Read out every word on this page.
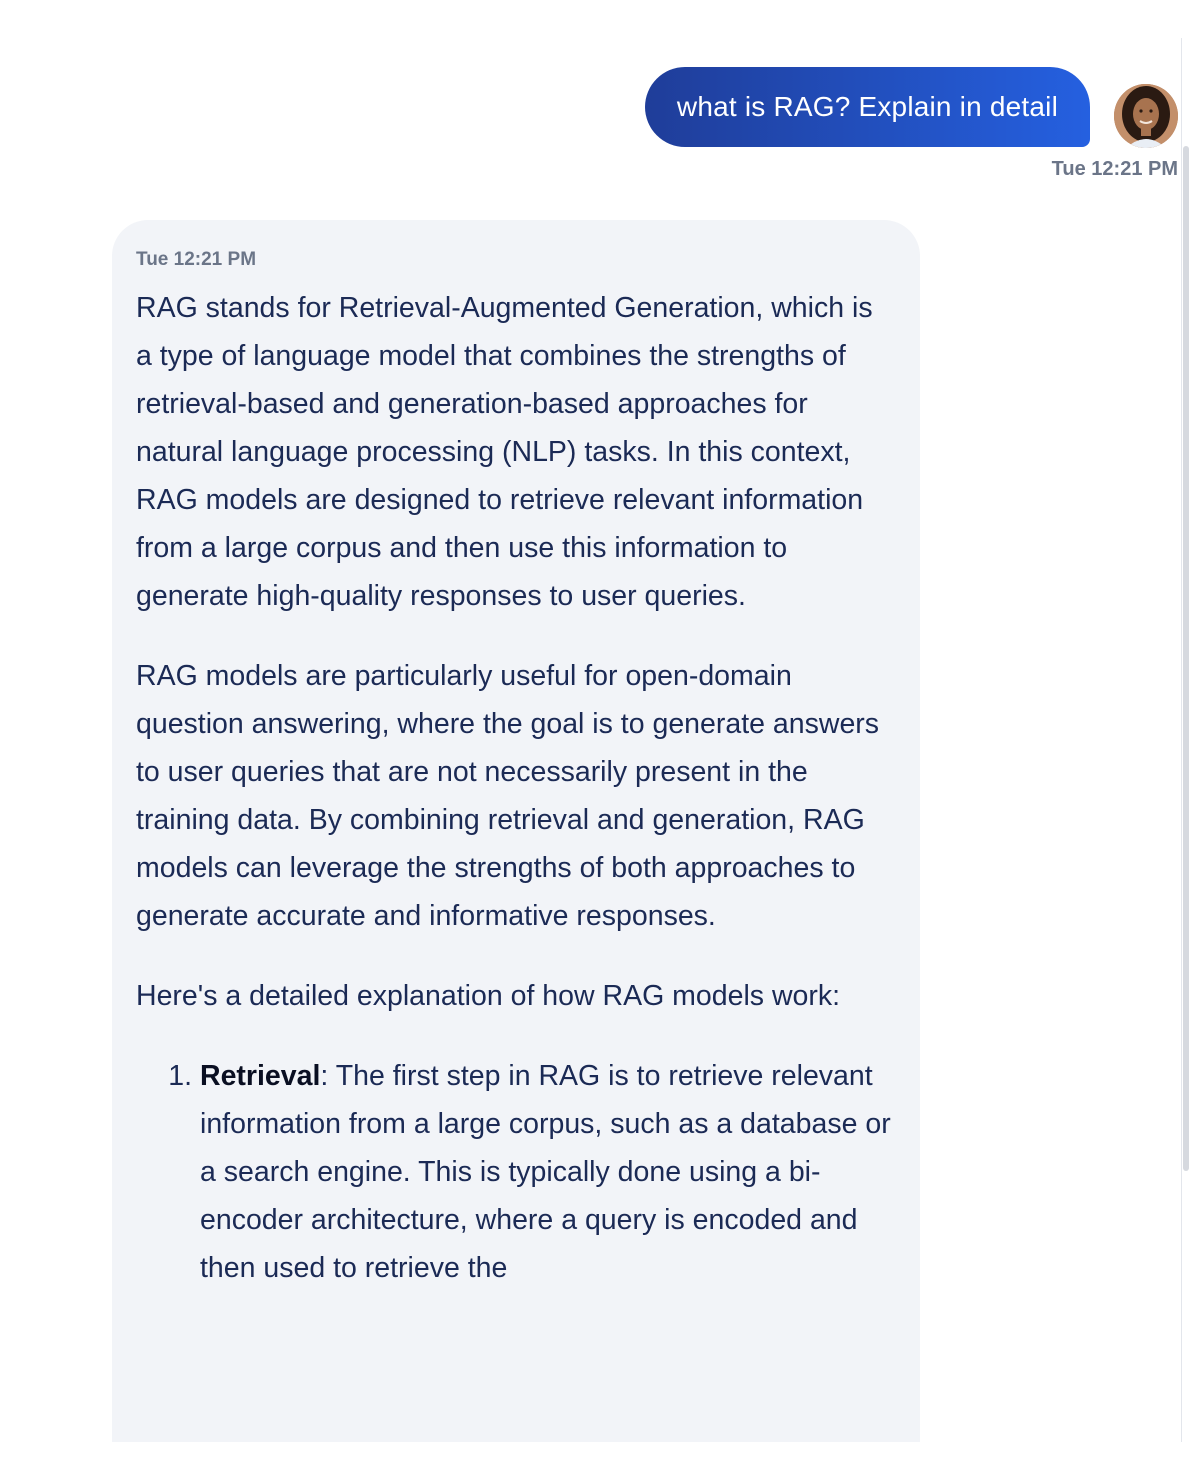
what is RAG? Explain in detail
Tue 12:21 PM
Tue 12:21 PM

RAG stands for Retrieval-Augmented Generation, which is a type of language model that combines the strengths of retrieval-based and generation-based approaches for natural language processing (NLP) tasks. In this context, RAG models are designed to retrieve relevant information from a large corpus and then use this information to generate high-quality responses to user queries.

RAG models are particularly useful for open-domain question answering, where the goal is to generate answers to user queries that are not necessarily present in the training data. By combining retrieval and generation, RAG models can leverage the strengths of both approaches to generate accurate and informative responses.

Here's a detailed explanation of how RAG models work:

1. Retrieval: The first step in RAG is to retrieve relevant information from a large corpus, such as a database or a search engine. This is typically done using a bi-encoder architecture, where a query is encoded and then used to retrieve the
